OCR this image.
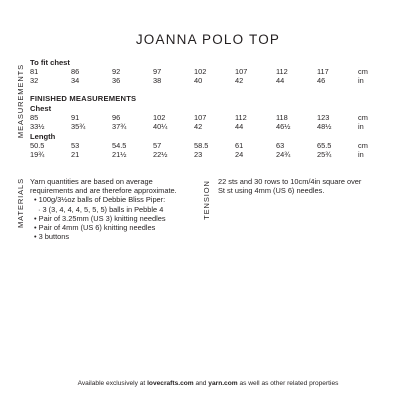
JOANNA POLO TOP
MEASUREMENTS
MATERIALS	TENSION
To fit chest
81	86	92	97	102	107	112	117	cm
32	34	36	38	40	42	44	46	in
FINISHED MEASUREMENTS
Chest
85	91	96	102	107	112	118	123	cm
33½	35¾	37¾	40¼	42	44	46½	48½	in
Length
50.5	53	54.5	57	58.5	61	63	65.5	cm
19¾	21	21½	22½	23	24	24¾	25¾	in

Yarn quantities are based on average

requirements and are therefore approximate.

• 100g/3½oz balls of Debbie Bliss Piper:

· 3 (3, 4, 4, 4, 5, 5, 5) balls in Pebble 4

• Pair of 3.25mm (US 3) knitting needles

• Pair of 4mm (US 6) knitting needles

• 3 buttons

22 sts and 30 rows to 10cm/4in square over

St st using 4mm (US 6) needles.

Available exclusively at lovecrafts.com and yarn.com as well as other related properties
